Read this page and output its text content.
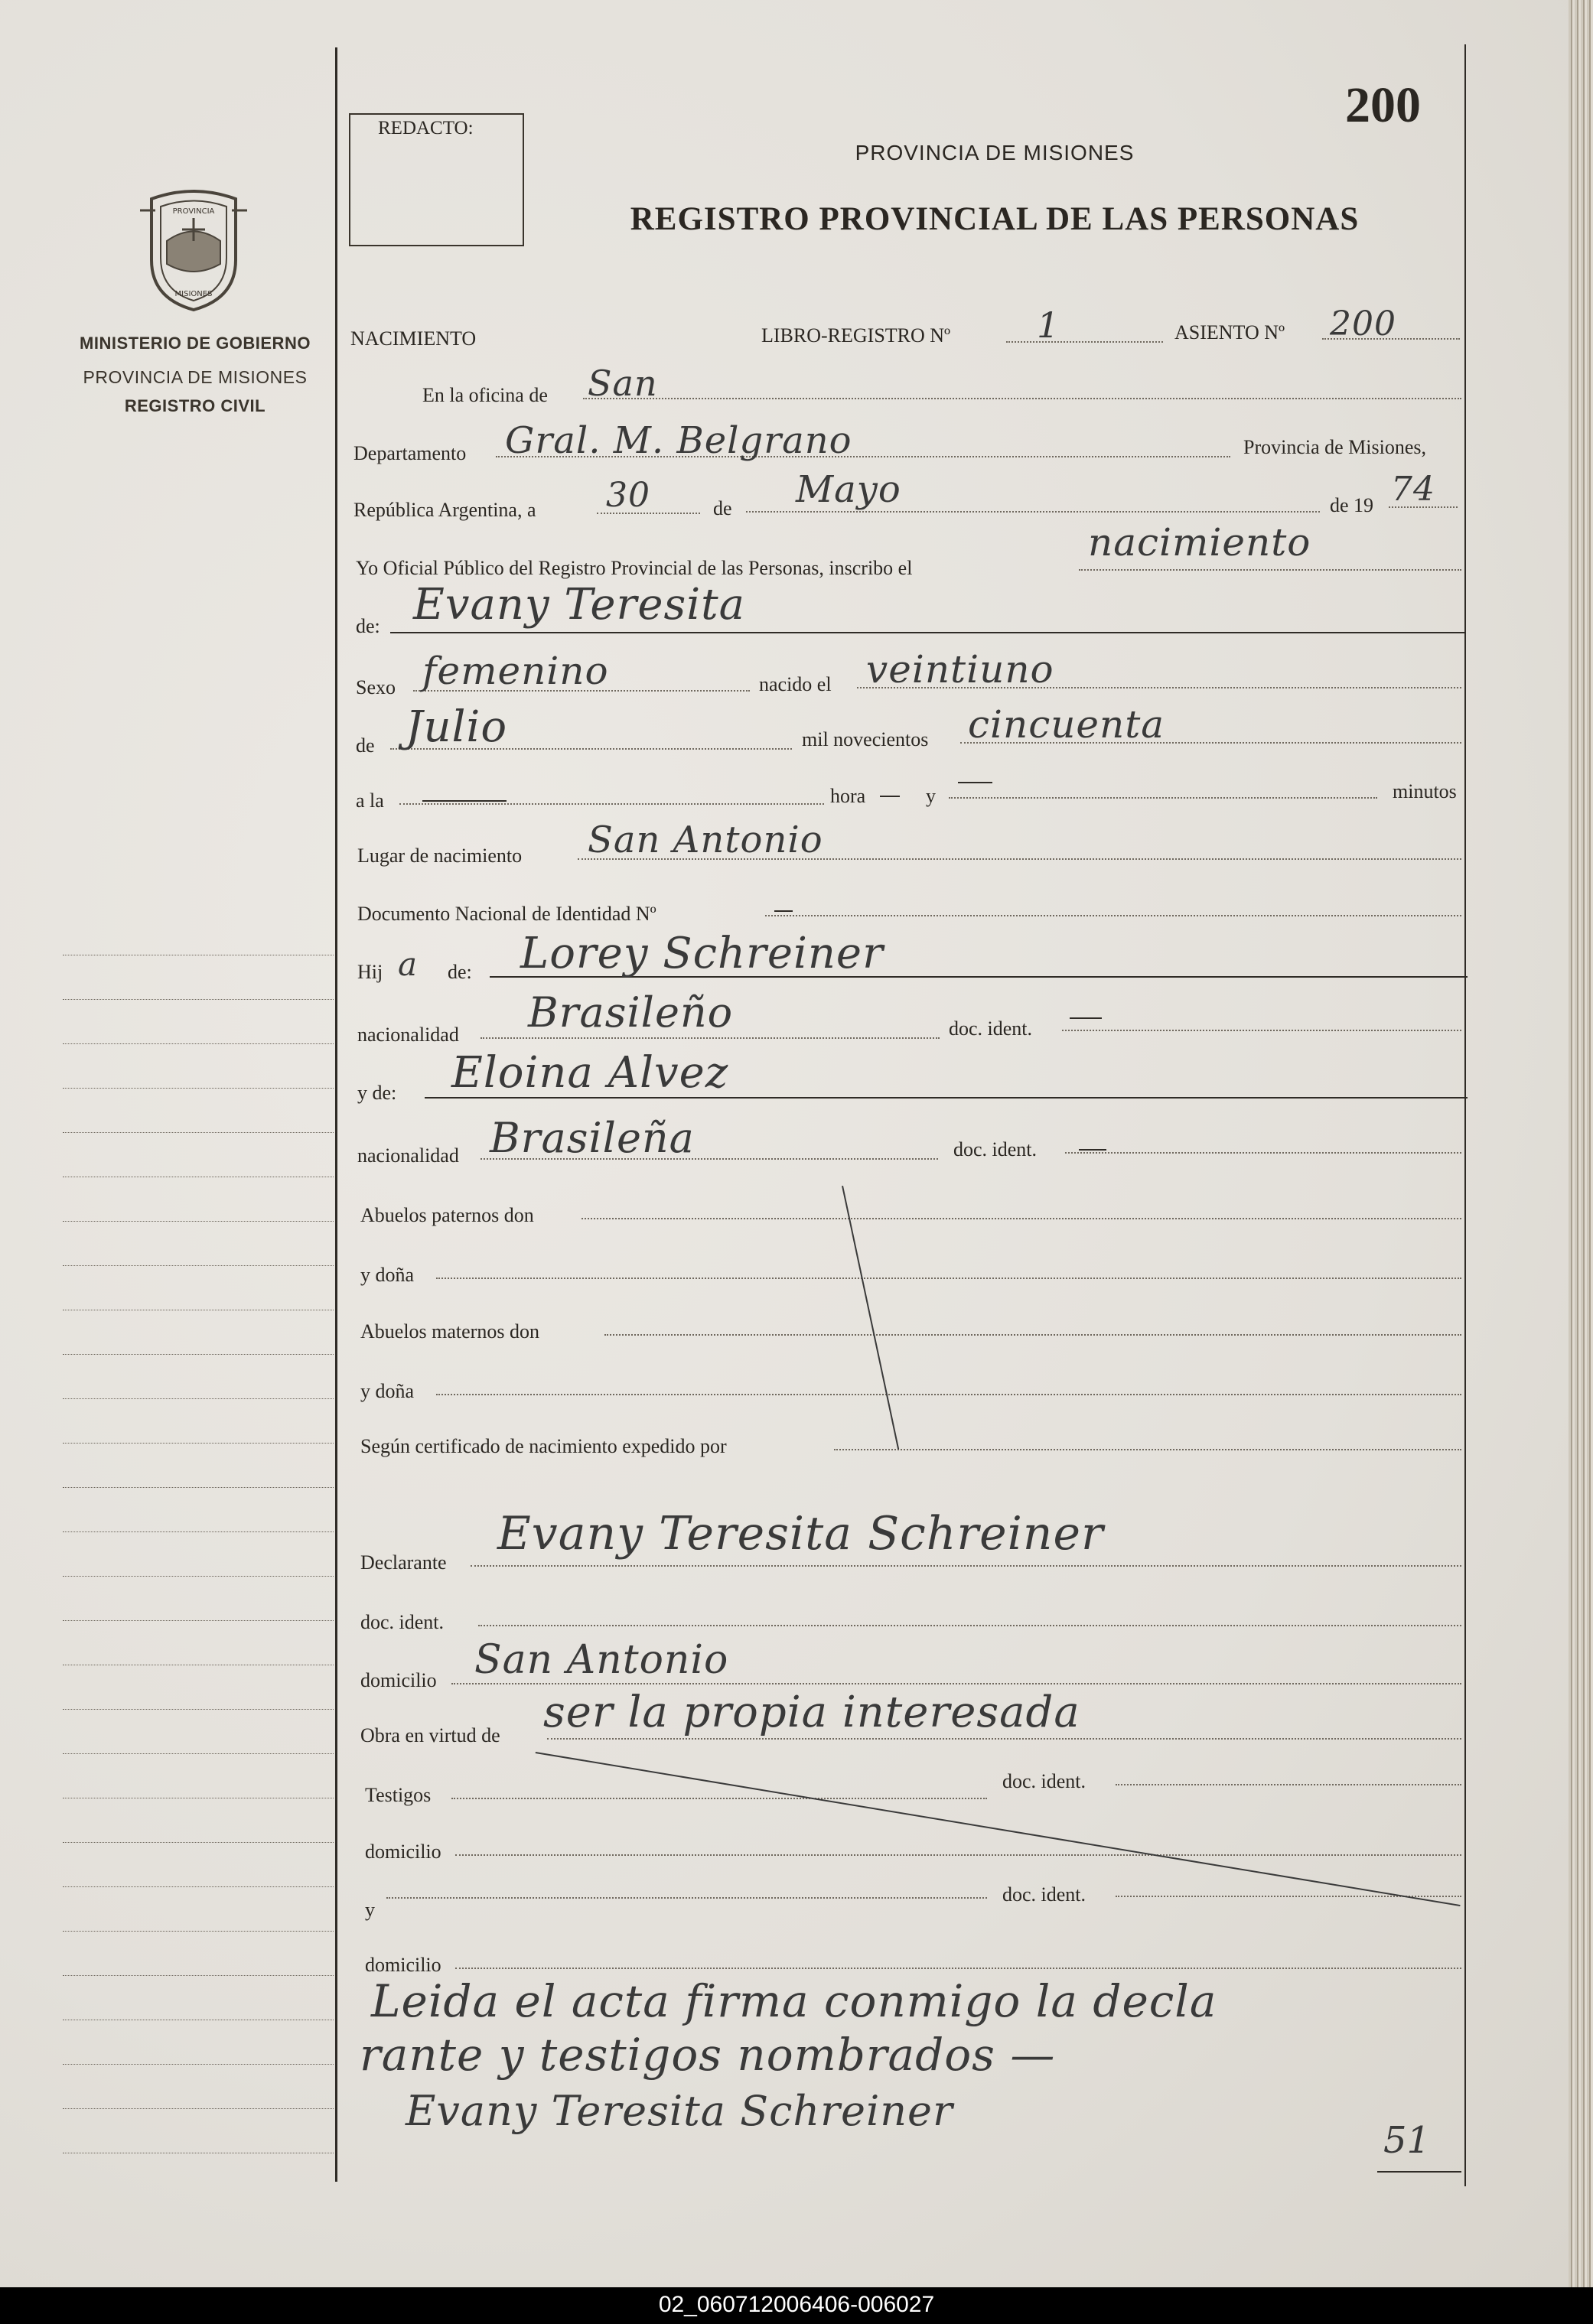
PROVINCIA
MISIONES
MINISTERIO DE GOBIERNO
PROVINCIA DE MISIONES
REGISTRO CIVIL
REDACTO:	200
PROVINCIA DE MISIONES
REGISTRO PROVINCIAL DE LAS PERSONAS
NACIMIENTO	LIBRO-REGISTRO Nº 1	ASIENTO Nº 200
En la oficina de San
Departamento Gral. M. Belgrano	Provincia de Misiones,
República Argentina, a 30	de Mayo	de 19 74
Yo Oficial Público del Registro Provincial de las Personas, inscribo el
nacimiento
de: Evany Teresita
Sexo femenino	nacido el veintiuno
de Julio	mil novecientos cincuenta
a la	hora	y	minutos
Lugar de nacimiento San Antonio
Documento Nacional de Identidad Nº
Hij a de: Lorey Schreiner
nacionalidad Brasileño	doc. ident.
y de: Eloina Alvez
nacionalidad Brasileña	doc. ident.
Abuelos paternos don
y doña
Abuelos maternos don
y doña
Según certificado de nacimiento expedido por
Declarante
Evany Teresita Schreiner
doc. ident.
domicilio San Antonio
Obra en virtud de ser la propia interesada
Testigos
doc. ident.
domicilio
y
doc. ident.
domicilio
Leida el acta firma conmigo la decla
rante y testigos nombrados —
Evany Teresita Schreiner
51
02_060712006406-006027
